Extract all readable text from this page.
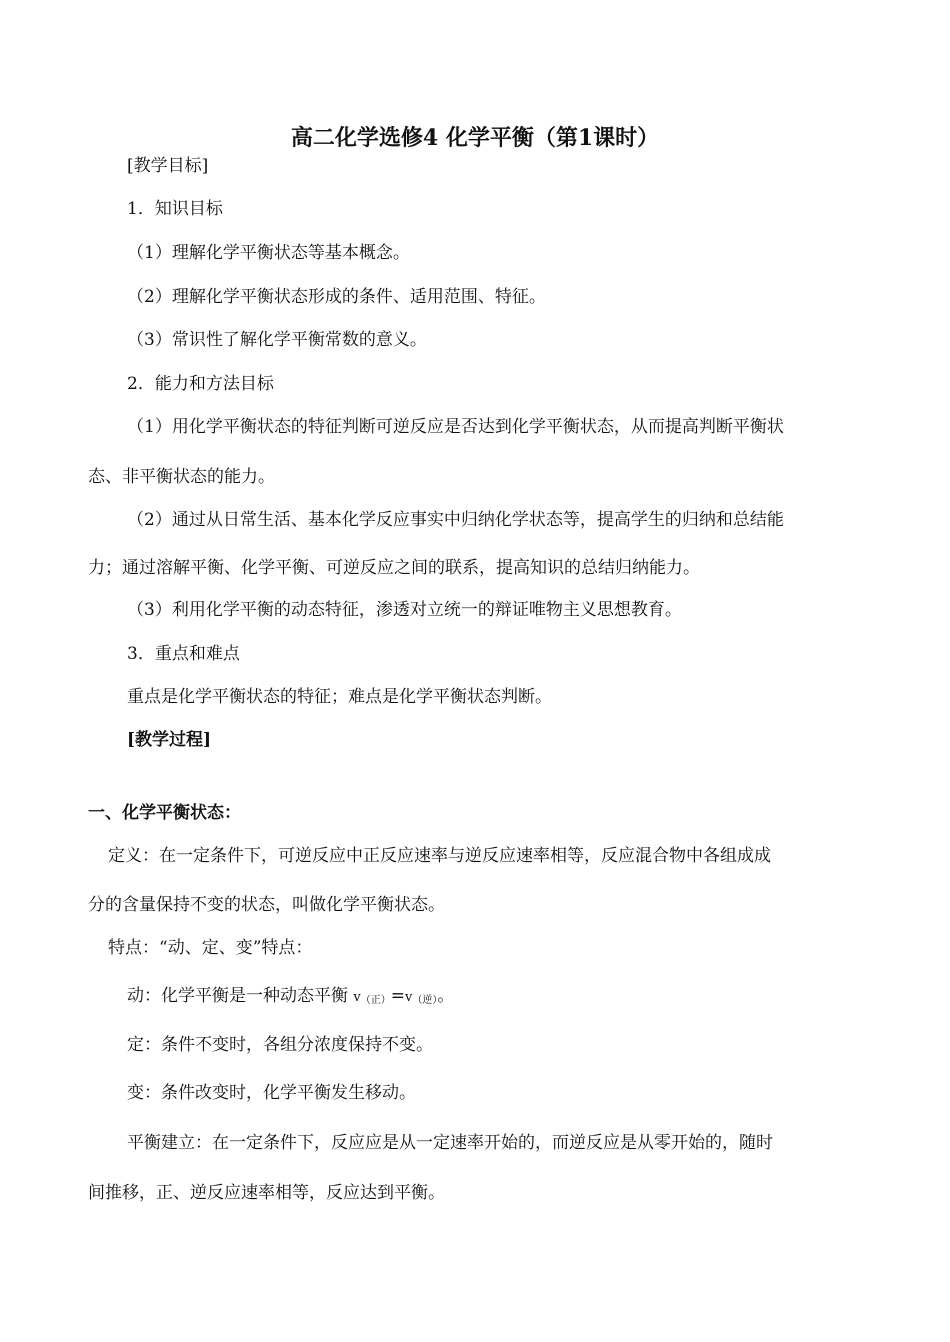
高二化学选修4 化学平衡（第1课时）
[教学目标]
1．知识目标
（1）理解化学平衡状态等基本概念。
（2）理解化学平衡状态形成的条件、适用范围、特征。
（3）常识性了解化学平衡常数的意义。
2．能力和方法目标
（1）用化学平衡状态的特征判断可逆反应是否达到化学平衡状态，从而提高判断平衡状
态、非平衡状态的能力。
（2）通过从日常生活、基本化学反应事实中归纳化学状态等，提高学生的归纳和总结能
力；通过溶解平衡、化学平衡、可逆反应之间的联系，提高知识的总结归纳能力。
（3）利用化学平衡的动态特征，渗透对立统一的辩证唯物主义思想教育。
3．重点和难点
重点是化学平衡状态的特征；难点是化学平衡状态判断。
[教学过程]
一、化学平衡状态：
定义：在一定条件下，可逆反应中正反应速率与逆反应速率相等，反应混合物中各组成成
分的含量保持不变的状态，叫做化学平衡状态。
特点：“动、定、变”特点：
动：化学平衡是一种动态平衡 $v_{(正)}=v_{(逆)}$。
定：条件不变时，各组分浓度保持不变。
变：条件改变时，化学平衡发生移动。
平衡建立：在一定条件下，反应应是从一定速率开始的，而逆反应是从零开始的，随时
间推移，正、逆反应速率相等，反应达到平衡。
